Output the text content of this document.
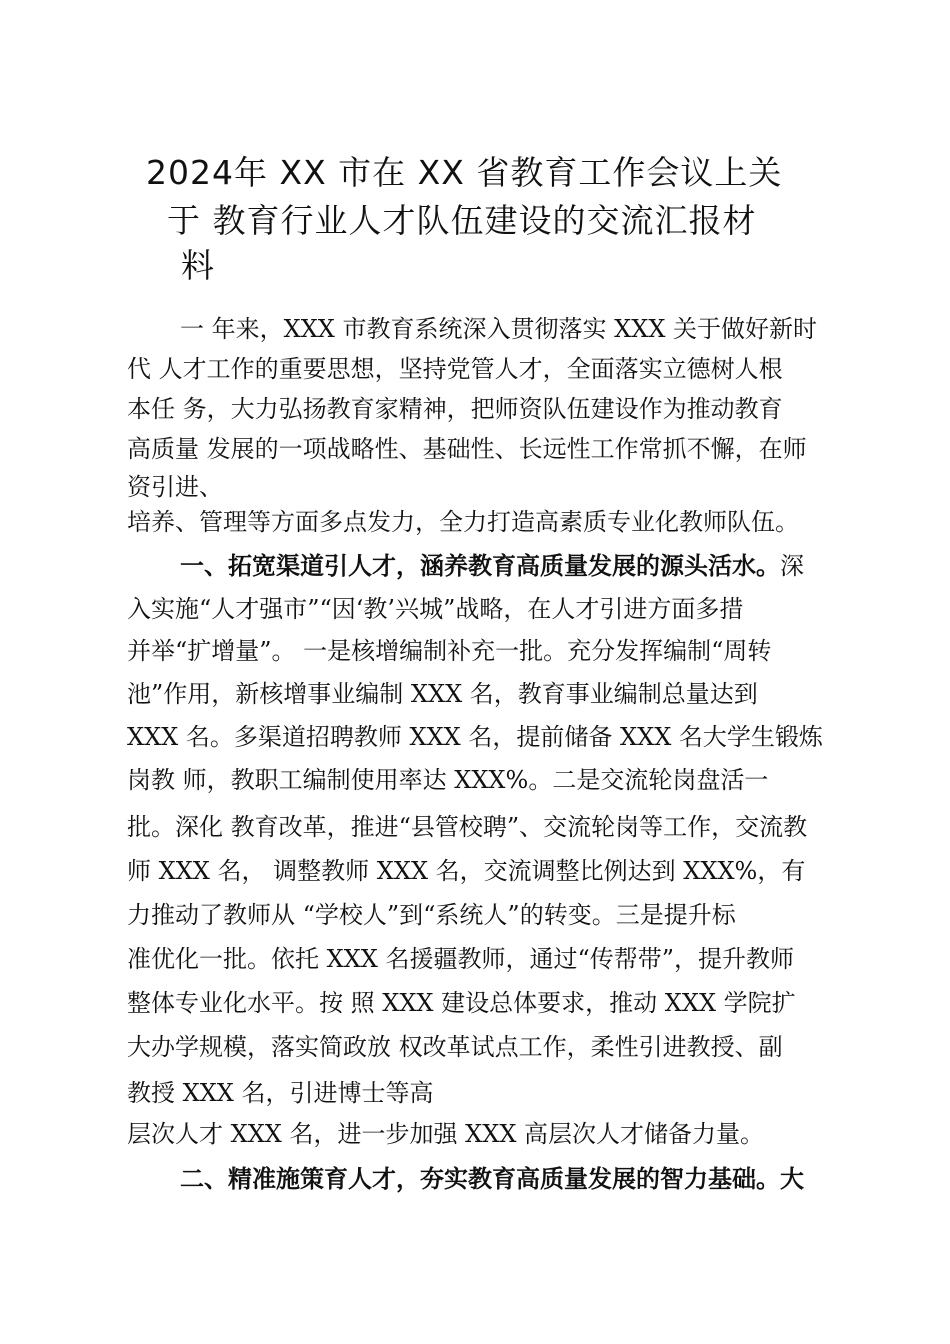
2024年 XX 市在 XX 省教育工作会议上关
于 教育行业人才队伍建设的交流汇报材
料
一 年来，XXX 市教育系统深入贯彻落实 XXX 关于做好新时
代 人才工作的重要思想，坚持党管人才，全面落实立德树人根
本任 务，大力弘扬教育家精神，把师资队伍建设作为推动教育
高质量 发展的一项战略性、基础性、长远性工作常抓不懈，在师
资引进、
培养、管理等方面多点发力，全力打造高素质专业化教师队伍。
一、拓宽渠道引人才，涵养教育高质量发展的源头活水。深
入实施“人才强市”“因‘教’兴城”战略，在人才引进方面多措
并举“扩增量”。 一是核增编制补充一批。充分发挥编制“周转
池”作用，新核增事业编制 XXX 名，教育事业编制总量达到
XXX 名。多渠道招聘教师 XXX 名，提前储备 XXX 名大学生锻炼
岗教 师，教职工编制使用率达 XXX%。二是交流轮岗盘活一
批。深化 教育改革，推进“县管校聘”、交流轮岗等工作，交流教
师 XXX 名， 调整教师 XXX 名，交流调整比例达到 XXX%，有
力推动了教师从 “学校人”到“系统人”的转变。三是提升标
准优化一批。依托 XXX 名援疆教师，通过“传帮带”，提升教师
整体专业化水平。按 照 XXX 建设总体要求，推动 XXX 学院扩
大办学规模，落实简政放 权改革试点工作，柔性引进教授、副
教授 XXX 名，引进博士等高
层次人才 XXX 名，进一步加强 XXX 高层次人才储备力量。
二、精准施策育人才，夯实教育高质量发展的智力基础。大
